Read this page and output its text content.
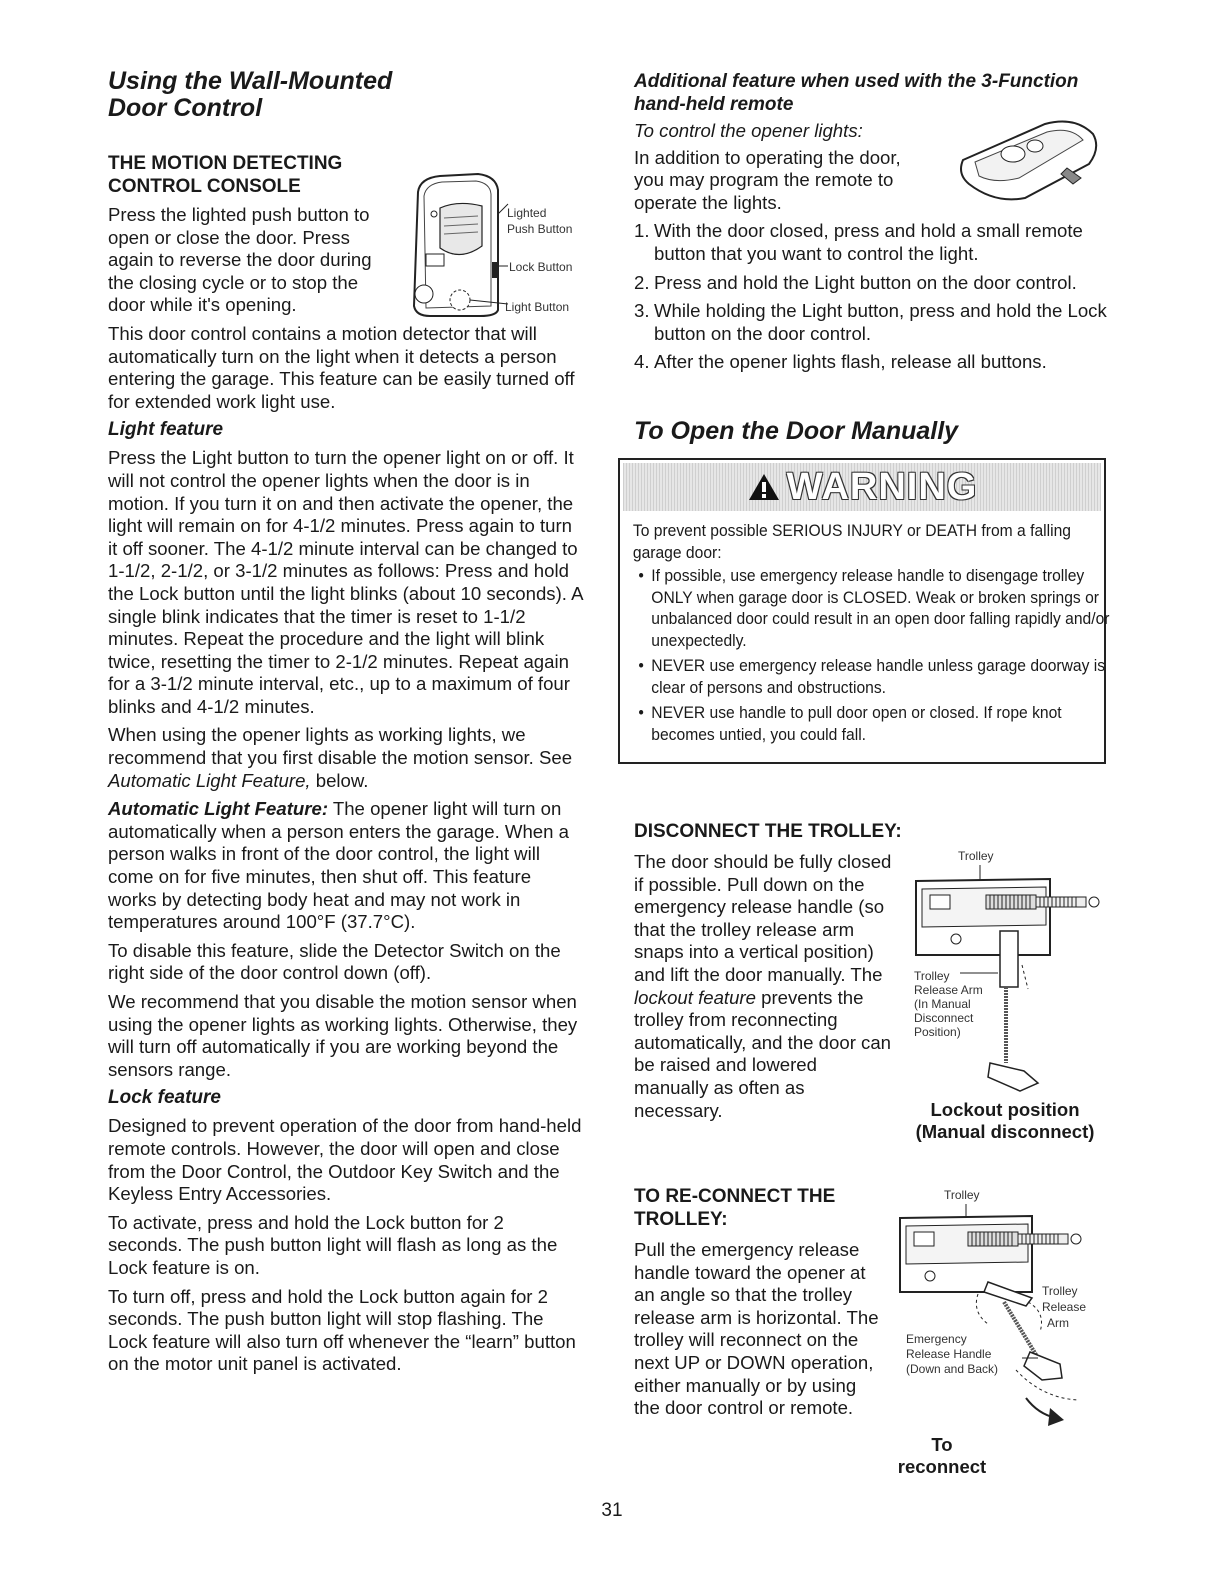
Using the Wall-Mounted
Door Control
THE MOTION DETECTING
CONTROL CONSOLE

Press the lighted push button to open or close the door. Press again to reverse the door during the closing cycle or to stop the door while it's opening.

This door control contains a motion detector that will automatically turn on the light when it detects a person entering the garage. This feature can be easily turned off for extended work light use.

Light feature

Press the Light button to turn the opener light on or off. It will not control the opener lights when the door is in motion. If you turn it on and then activate the opener, the light will remain on for 4-1/2 minutes. Press again to turn it off sooner. The 4-1/2 minute interval can be changed to 1-1/2, 2-1/2, or 3-1/2 minutes as follows: Press and hold the Lock button until the light blinks (about 10 seconds). A single blink indicates that the timer is reset to 1-1/2 minutes. Repeat the procedure and the light will blink twice, resetting the timer to 2-1/2 minutes. Repeat again for a 3-1/2 minute interval, etc., up to a maximum of four blinks and 4-1/2 minutes.

When using the opener lights as working lights, we recommend that you first disable the motion sensor. See Automatic Light Feature, below.

Automatic Light Feature: The opener light will turn on automatically when a person enters the garage. When a person walks in front of the door control, the light will come on for five minutes, then shut off. This feature works by detecting body heat and may not work in temperatures around 100°F (37.7°C).

To disable this feature, slide the Detector Switch on the right side of the door control down (off).

We recommend that you disable the motion sensor when using the opener lights as working lights. Otherwise, they will turn off automatically if you are working beyond the sensors range.

Lock feature

Designed to prevent operation of the door from hand-held remote controls. However, the door will open and close from the Door Control, the Outdoor Key Switch and the Keyless Entry Accessories.

To activate, press and hold the Lock button for 2 seconds. The push button light will flash as long as the Lock feature is on.

To turn off, press and hold the Lock button again for 2 seconds. The push button light will stop flashing. The Lock feature will also turn off whenever the “learn” button on the motor unit panel is activated.

Lighted
Push Button
Lock Button
Light Button
Additional feature when used with the 3-Function
hand-held remote

To control the opener lights:

In addition to operating the door, you may program the remote to operate the lights.

1. With the door closed, press and hold a small remote button that you want to control the light.
2. Press and hold the Light button on the door control.
3. While holding the Light button, press and hold the Lock button on the door control.
4. After the opener lights flash, release all buttons.
To Open the Door Manually
WARNING
To prevent possible SERIOUS INJURY or DEATH from a falling garage door:
• If possible, use emergency release handle to disengage trolley ONLY when garage door is CLOSED. Weak or broken springs or unbalanced door could result in an open door falling rapidly and/or unexpectedly.
• NEVER use emergency release handle unless garage doorway is clear of persons and obstructions.
• NEVER use handle to pull door open or closed. If rope knot becomes untied, you could fall.
DISCONNECT THE TROLLEY:

The door should be fully closed if possible. Pull down on the emergency release handle (so that the trolley release arm snaps into a vertical position) and lift the door manually. The lockout feature prevents the trolley from reconnecting automatically, and the door can be raised and lowered manually as often as necessary.

Trolley
Trolley
Release Arm
(In Manual
Disconnect
Position)
Lockout position
(Manual disconnect)
TO RE-CONNECT THE
TROLLEY:

Pull the emergency release handle toward the opener at an angle so that the trolley release arm is horizontal. The trolley will reconnect on the next UP or DOWN operation, either manually or by using the door control or remote.

Trolley
Trolley
Release
Arm
Emergency
Release Handle
(Down and Back)
To reconnect
31
